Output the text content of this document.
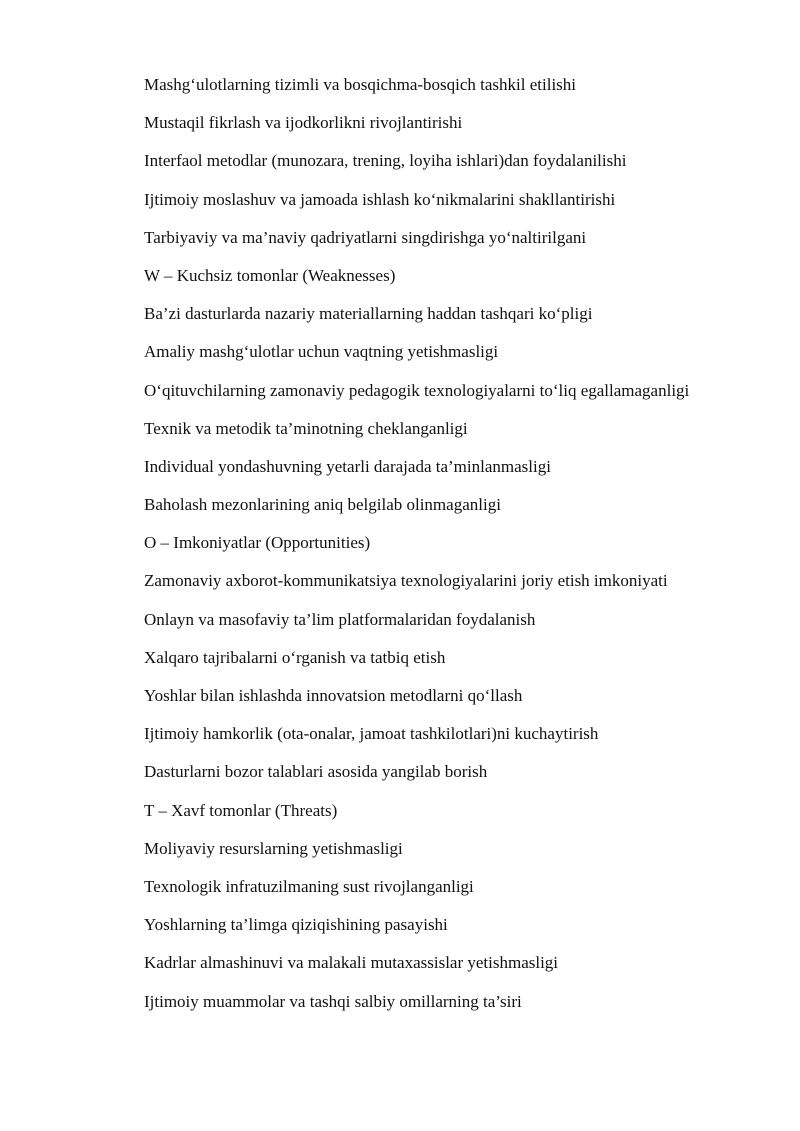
Mashg‘ulotlarning tizimli va bosqichma-bosqich tashkil etilishi

Mustaqil fikrlash va ijodkorlikni rivojlantirishi

Interfaol metodlar (munozara, trening, loyiha ishlari)dan foydalanilishi

Ijtimoiy moslashuv va jamoada ishlash ko‘nikmalarini shakllantirishi

Tarbiyaviy va ma’naviy qadriyatlarni singdirishga yo‘naltirilgani

W – Kuchsiz tomonlar (Weaknesses)

Ba’zi dasturlarda nazariy materiallarning haddan tashqari ko‘pligi

Amaliy mashg‘ulotlar uchun vaqtning yetishmasligi

O‘qituvchilarning zamonaviy pedagogik texnologiyalarni to‘liq egallamaganligi

Texnik va metodik ta’minotning cheklanganligi

Individual yondashuvning yetarli darajada ta’minlanmasligi

Baholash mezonlarining aniq belgilab olinmaganligi

O – Imkoniyatlar (Opportunities)

Zamonaviy axborot-kommunikatsiya texnologiyalarini joriy etish imkoniyati

Onlayn va masofaviy ta’lim platformalaridan foydalanish

Xalqaro tajribalarni o‘rganish va tatbiq etish

Yoshlar bilan ishlashda innovatsion metodlarni qo‘llash

Ijtimoiy hamkorlik (ota-onalar, jamoat tashkilotlari)ni kuchaytirish

Dasturlarni bozor talablari asosida yangilab borish

T – Xavf tomonlar (Threats)

Moliyaviy resurslarning yetishmasligi

Texnologik infratuzilmaning sust rivojlanganligi

Yoshlarning ta’limga qiziqishining pasayishi

Kadrlar almashinuvi va malakali mutaxassislar yetishmasligi

Ijtimoiy muammolar va tashqi salbiy omillarning ta’siri
